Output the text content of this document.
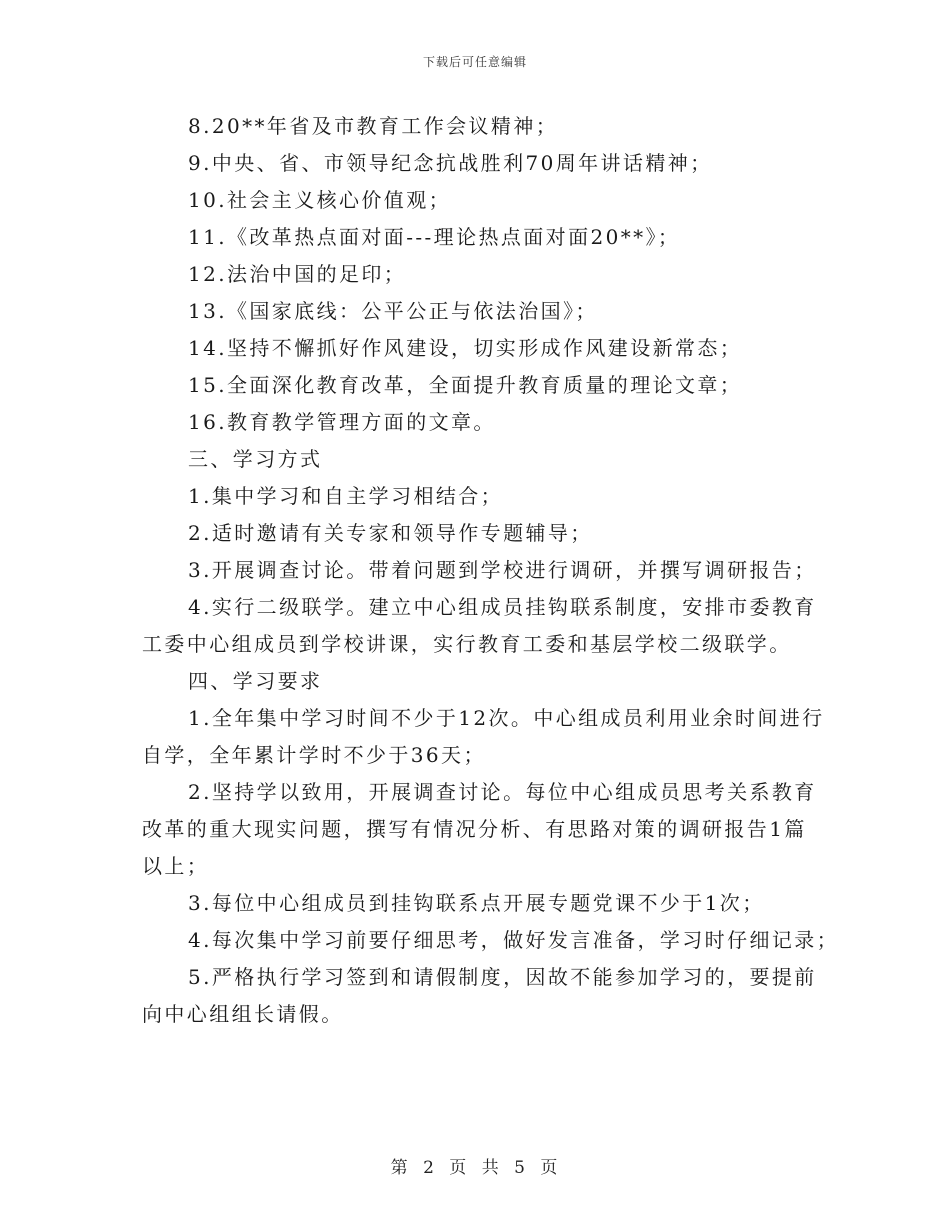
下载后可任意编辑
8.20**年省及市教育工作会议精神；
9.中央、省、市领导纪念抗战胜利70周年讲话精神；
10.社会主义核心价值观；
11.《改革热点面对面---理论热点面对面20**》；
12.法治中国的足印；
13.《国家底线：公平公正与依法治国》；
14.坚持不懈抓好作风建设，切实形成作风建设新常态；
15.全面深化教育改革，全面提升教育质量的理论文章；
16.教育教学管理方面的文章。
三、学习方式
1.集中学习和自主学习相结合；
2.适时邀请有关专家和领导作专题辅导；
3.开展调查讨论。带着问题到学校进行调研，并撰写调研报告；
4.实行二级联学。建立中心组成员挂钩联系制度，安排市委教育
工委中心组成员到学校讲课，实行教育工委和基层学校二级联学。
四、学习要求
1.全年集中学习时间不少于12次。中心组成员利用业余时间进行
自学，全年累计学时不少于36天；
2.坚持学以致用，开展调查讨论。每位中心组成员思考关系教育
改革的重大现实问题，撰写有情况分析、有思路对策的调研报告1篇
以上；
3.每位中心组成员到挂钩联系点开展专题党课不少于1次；
4.每次集中学习前要仔细思考，做好发言准备，学习时仔细记录；
5.严格执行学习签到和请假制度，因故不能参加学习的，要提前
向中心组组长请假。
第 2 页 共 5 页
